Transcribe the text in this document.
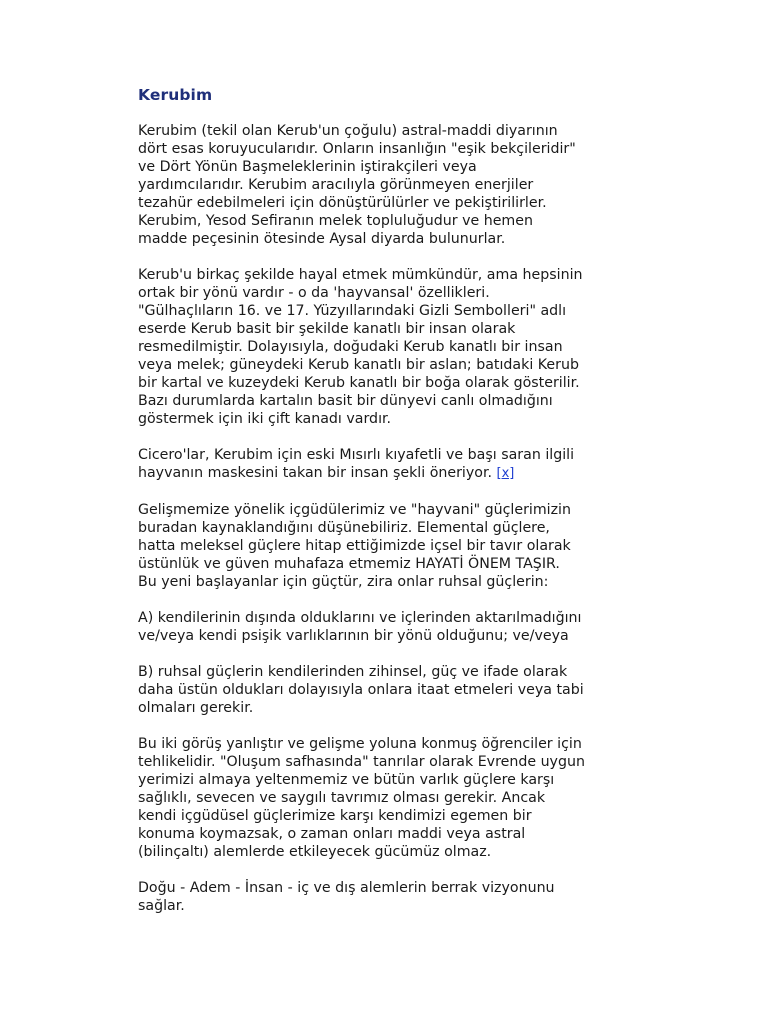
Kerubim
Kerubim (tekil olan Kerub'un çoğulu) astral-maddi diyarının
dört esas koruyucularıdır. Onların insanlığın "eşik bekçileridir"
ve Dört Yönün Başmeleklerinin iştirakçileri veya
yardımcılarıdır. Kerubim aracılıyla görünmeyen enerjiler
tezahür edebilmeleri için dönüştürülürler ve pekiştirilirler.
Kerubim, Yesod Sefiranın melek topluluğudur ve hemen
madde peçesinin ötesinde Aysal diyarda bulunurlar.
Kerub'u birkaç şekilde hayal etmek mümkündür, ama hepsinin
ortak bir yönü vardır - o da 'hayvansal' özellikleri.
"Gülhaçlıların 16. ve 17. Yüzyıllarındaki Gizli Sembolleri" adlı
eserde Kerub basit bir şekilde kanatlı bir insan olarak
resmedilmiştir. Dolayısıyla, doğudaki Kerub kanatlı bir insan
veya melek; güneydeki Kerub kanatlı bir aslan; batıdaki Kerub
bir kartal ve kuzeydeki Kerub kanatlı bir boğa olarak gösterilir.
Bazı durumlarda kartalın basit bir dünyevi canlı olmadığını
göstermek için iki çift kanadı vardır.
Cicero'lar, Kerubim için eski Mısırlı kıyafetli ve başı saran ilgili
hayvanın maskesini takan bir insan şekli öneriyor. [x]
Gelişmemize yönelik içgüdülerimiz ve "hayvani" güçlerimizin
buradan kaynaklandığını düşünebiliriz. Elemental güçlere,
hatta meleksel güçlere hitap ettiğimizde içsel bir tavır olarak
üstünlük ve güven muhafaza etmemiz HAYATİ ÖNEM TAŞIR.
Bu yeni başlayanlar için güçtür, zira onlar ruhsal güçlerin:
A) kendilerinin dışında olduklarını ve içlerinden aktarılmadığını
ve/veya kendi psişik varlıklarının bir yönü olduğunu; ve/veya
B) ruhsal güçlerin kendilerinden zihinsel, güç ve ifade olarak
daha üstün oldukları dolayısıyla onlara itaat etmeleri veya tabi
olmaları gerekir.
Bu iki görüş yanlıştır ve gelişme yoluna konmuş öğrenciler için
tehlikelidir. "Oluşum safhasında" tanrılar olarak Evrende uygun
yerimizi almaya yeltenmemiz ve bütün varlık güçlere karşı
sağlıklı, sevecen ve saygılı tavrımız olması gerekir. Ancak
kendi içgüdüsel güçlerimize karşı kendimizi egemen bir
konuma koymazsak, o zaman onları maddi veya astral
(bilinçaltı) alemlerde etkileyecek gücümüz olmaz.
Doğu - Adem - İnsan - iç ve dış alemlerin berrak vizyonunu
sağlar.
